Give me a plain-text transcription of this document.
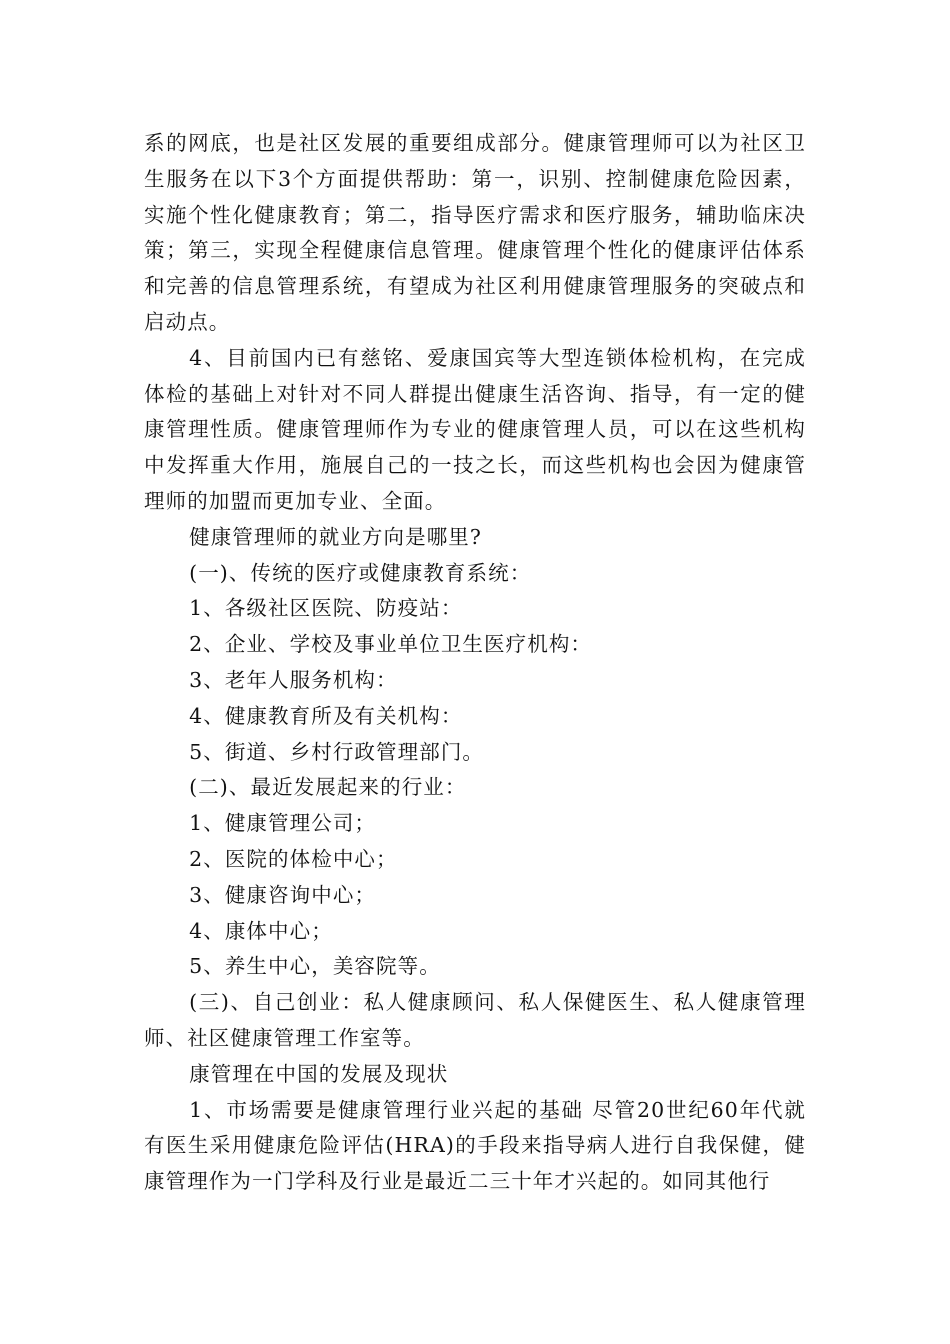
系的网底，也是社区发展的重要组成部分。健康管理师可以为社区卫生服务在以下3个方面提供帮助：第一，识别、控制健康危险因素，实施个性化健康教育；第二，指导医疗需求和医疗服务，辅助临床决策；第三，实现全程健康信息管理。健康管理个性化的健康评估体系和完善的信息管理系统，有望成为社区利用健康管理服务的突破点和启动点。

4、目前国内已有慈铭、爱康国宾等大型连锁体检机构，在完成体检的基础上对针对不同人群提出健康生活咨询、指导，有一定的健康管理性质。健康管理师作为专业的健康管理人员，可以在这些机构中发挥重大作用，施展自己的一技之长，而这些机构也会因为健康管理师的加盟而更加专业、全面。

健康管理师的就业方向是哪里?

(一)、传统的医疗或健康教育系统：

1、各级社区医院、防疫站：

2、企业、学校及事业单位卫生医疗机构：

3、老年人服务机构：

4、健康教育所及有关机构：

5、街道、乡村行政管理部门。

(二)、最近发展起来的行业：

1、健康管理公司；

2、医院的体检中心；

3、健康咨询中心；

4、康体中心；

5、养生中心，美容院等。

(三)、自己创业：私人健康顾问、私人保健医生、私人健康管理师、社区健康管理工作室等。

康管理在中国的发展及现状

1、市场需要是健康管理行业兴起的基础 尽管20世纪60年代就有医生采用健康危险评估(HRA)的手段来指导病人进行自我保健，健康管理作为一门学科及行业是最近二三十年才兴起的。如同其他行
